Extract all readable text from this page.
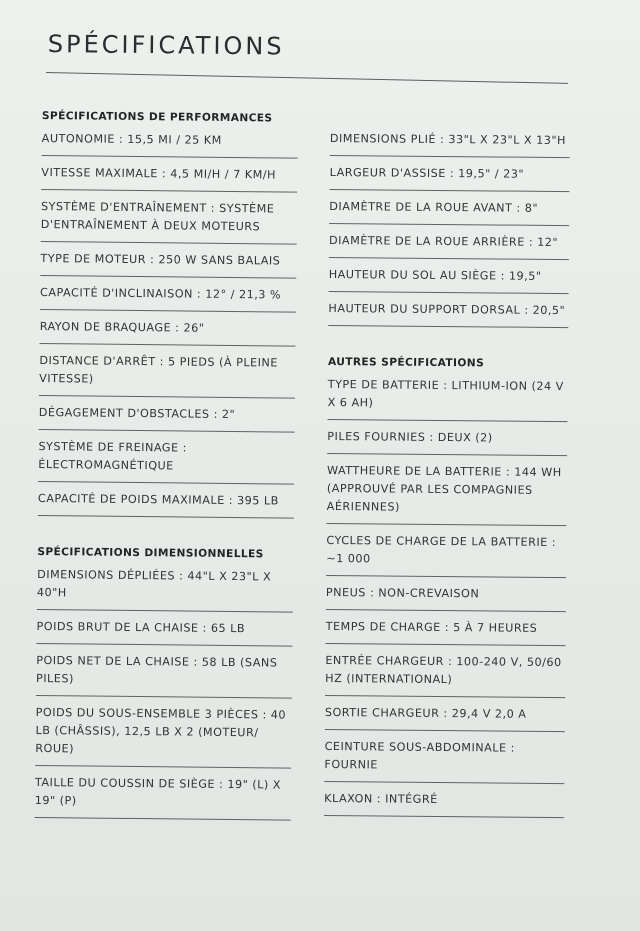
SPÉCIFICATIONS
SPÉCIFICATIONS DE PERFORMANCES
AUTONOMIE : 15,5 MI / 25 KM
VITESSE MAXIMALE : 4,5 MI/H / 7 KM/H
SYSTÈME D'ENTRAÎNEMENT : SYSTÈME D'ENTRAÎNEMENT À DEUX MOTEURS
TYPE DE MOTEUR : 250 W SANS BALAIS
CAPACITÉ D'INCLINAISON : 12° / 21,3 %
RAYON DE BRAQUAGE : 26"
DISTANCE D'ARRÊT : 5 PIEDS (À PLEINE VITESSE)
DÉGAGEMENT D'OBSTACLES : 2"
SYSTÈME DE FREINAGE : ÉLECTROMAGNÉTIQUE
CAPACITÉ DE POIDS MAXIMALE : 395 LB
SPÉCIFICATIONS DIMENSIONNELLES
DIMENSIONS DÉPLIÉES : 44"L X 23"L X 40"H
POIDS BRUT DE LA CHAISE : 65 LB
POIDS NET DE LA CHAISE : 58 LB (SANS PILES)
POIDS DU SOUS-ENSEMBLE 3 PIÈCES : 40 LB (CHÂSSIS), 12,5 LB X 2 (MOTEUR/ ROUE)
TAILLE DU COUSSIN DE SIÈGE : 19" (L) X 19" (P)
DIMENSIONS PLIÉ : 33"L X 23"L X 13"H
LARGEUR D'ASSISE : 19,5" / 23"
DIAMÈTRE DE LA ROUE AVANT : 8"
DIAMÈTRE DE LA ROUE ARRIÈRE : 12"
HAUTEUR DU SOL AU SIÈGE : 19,5"
HAUTEUR DU SUPPORT DORSAL : 20,5"
AUTRES SPÉCIFICATIONS
TYPE DE BATTERIE : LITHIUM-ION (24 V X 6 AH)
PILES FOURNIES : DEUX (2)
WATTHEURE DE LA BATTERIE : 144 WH (APPROUVÉ PAR LES COMPAGNIES AÉRIENNES)
CYCLES DE CHARGE DE LA BATTERIE : ~1 000
PNEUS : NON-CREVAISON
TEMPS DE CHARGE : 5 À 7 HEURES
ENTRÉE CHARGEUR : 100-240 V, 50/60 HZ (INTERNATIONAL)
SORTIE CHARGEUR : 29,4 V 2,0 A
CEINTURE SOUS-ABDOMINALE : FOURNIE
KLAXON : INTÉGRÉ
